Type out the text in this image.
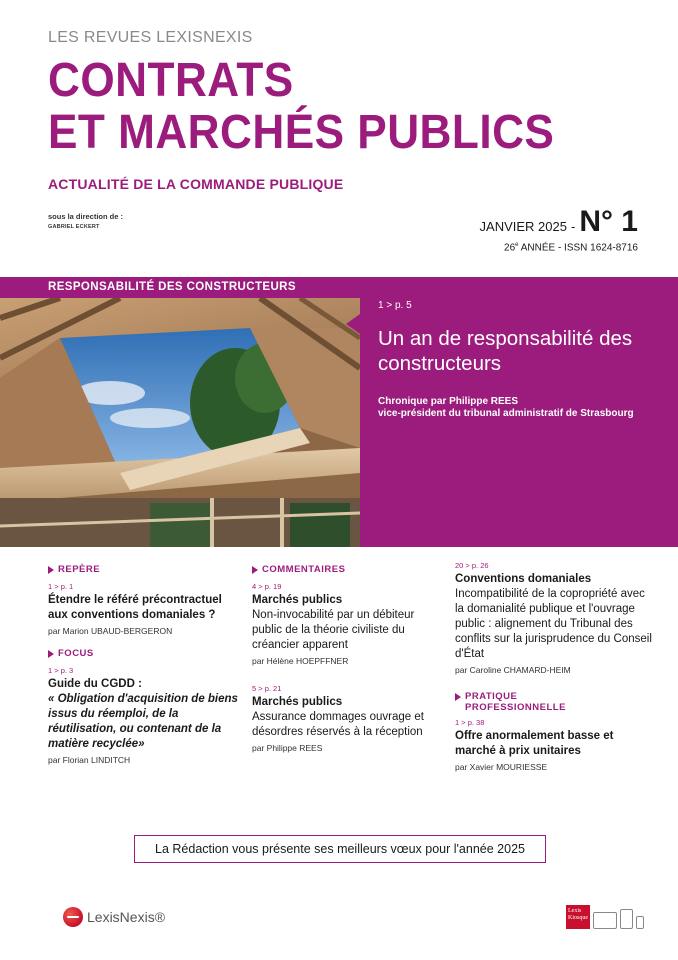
LES REVUES LEXISNEXIS
CONTRATS
ET MARCHÉS PUBLICS
ACTUALITÉ DE LA COMMANDE PUBLIQUE
sous la direction de :
GABRIEL ECKERT	JANVIER 2025 - N° 1
26e ANNÉE - ISSN 1624-8716
RESPONSABILITÉ DES CONSTRUCTEURS
1 > p. 5
Un an de responsabilité des constructeurs
Chronique par Philippe REES
vice-président du tribunal administratif de Strasbourg
REPÈRE
1 > p. 1
Étendre le référé précontractuel aux conventions domaniales ?
par Marion UBAUD-BERGERON
FOCUS
1 > p. 3
Guide du CGDD :
« Obligation d'acquisition de biens issus du réemploi, de la réutilisation, ou contenant de la matière recyclée»
par Florian LINDITCH
COMMENTAIRES
4 > p. 19
Marchés publics
Non-invocabilité par un débiteur public de la théorie civiliste du créancier apparent
par Hélène HOEPFFNER
5 > p. 21
Marchés publics
Assurance dommages ouvrage et désordres réservés à la réception
par Philippe REES
20 > p. 26
Conventions domaniales
Incompatibilité de la copropriété avec la domanialité publique et l'ouvrage public : alignement du Tribunal des conflits sur la jurisprudence du Conseil d'État
par Caroline CHAMARD-HEIM
PRATIQUE
PROFESSIONNELLE
1 > p. 38
Offre anormalement basse et marché à prix unitaires
par Xavier MOURIESSE
La Rédaction vous présente ses meilleurs vœux pour l'année 2025
LexisNexis®	Lexis
Kiosque
